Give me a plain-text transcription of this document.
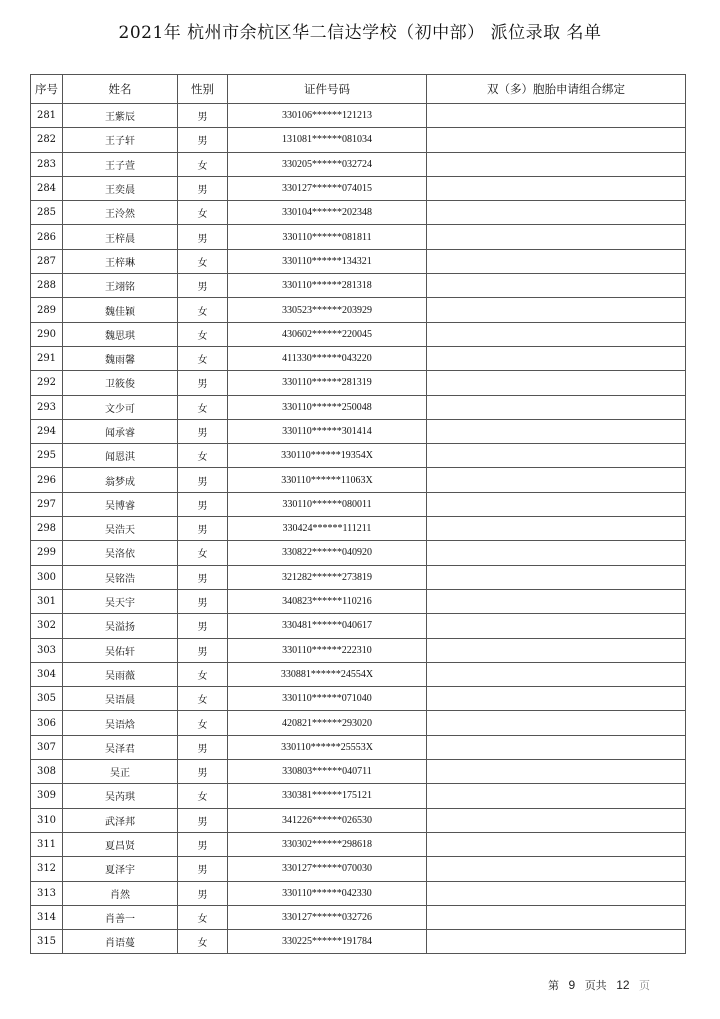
2021年 杭州市余杭区华二信达学校（初中部） 派位录取 名单
序号	姓名	性别	证件号码	双（多）胞胎申请组合绑定
281	王紫辰	男	330106******121213	
282	王子轩	男	131081******081034	
283	王子萱	女	330205******032724	
284	王奕晨	男	330127******074015	
285	王泠然	女	330104******202348	
286	王梓晨	男	330110******081811	
287	王梓琳	女	330110******134321	
288	王翊铭	男	330110******281318	
289	魏佳颖	女	330523******203929	
290	魏思琪	女	430602******220045	
291	魏雨馨	女	411330******043220	
292	卫筱俊	男	330110******281319	
293	文少可	女	330110******250048	
294	闻承睿	男	330110******301414	
295	闻恩淇	女	330110******19354X	
296	翁梦成	男	330110******11063X	
297	吴博睿	男	330110******080011	
298	吴浩天	男	330424******111211	
299	吴洛依	女	330822******040920	
300	吴铭浩	男	321282******273819	
301	吴天宇	男	340823******110216	
302	吴溢扬	男	330481******040617	
303	吴佑轩	男	330110******222310	
304	吴雨薇	女	330881******24554X	
305	吴语晨	女	330110******071040	
306	吴语焓	女	420821******293020	
307	吴泽君	男	330110******25553X	
308	吴正	男	330803******040711	
309	吴芮琪	女	330381******175121	
310	武泽邦	男	341226******026530	
311	夏昌贤	男	330302******298618	
312	夏泽宇	男	330127******070030	
313	肖然	男	330110******042330	
314	肖善一	女	330127******032726	
315	肖语蔓	女	330225******191784	
第 9 页共 12 页
